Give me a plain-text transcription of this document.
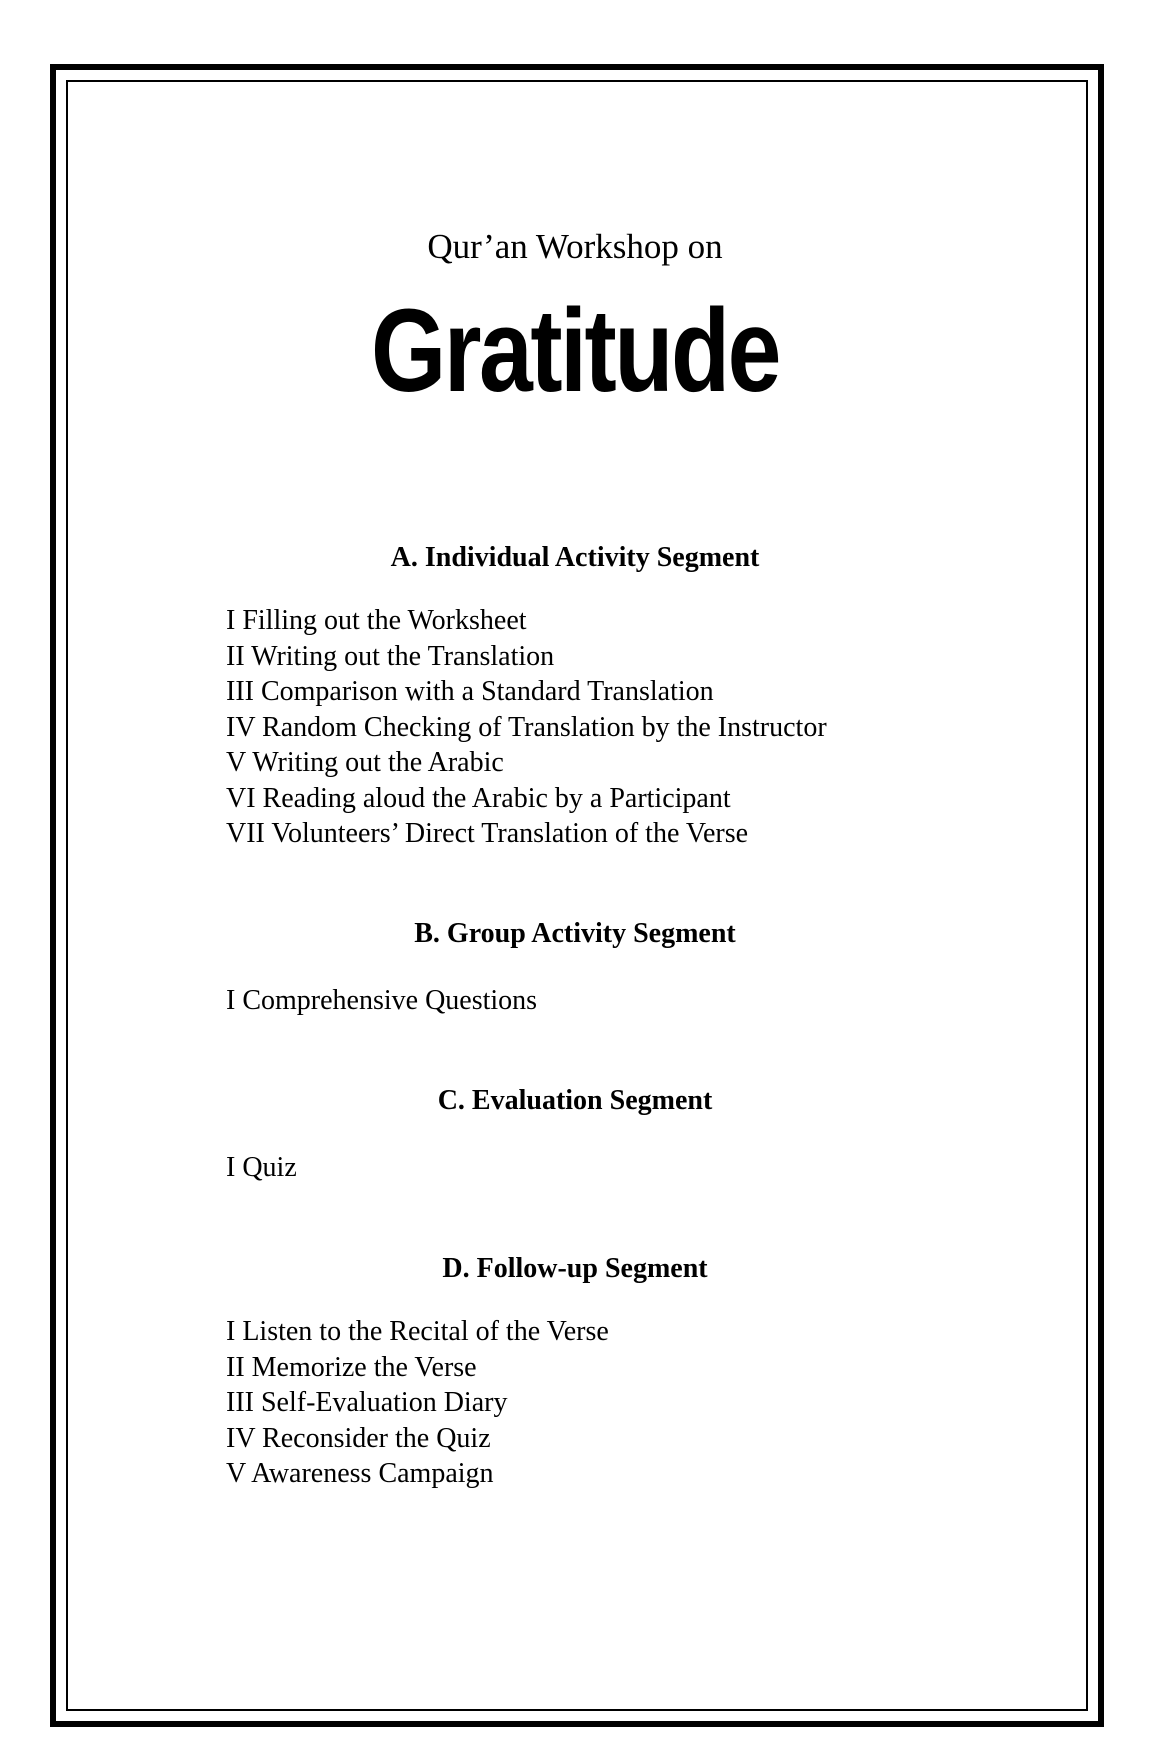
Qur’an Workshop on
Gratitude
A. Individual Activity Segment
I Filling out the Worksheet
II Writing out the Translation
III Comparison with a Standard Translation
IV Random Checking of Translation by the Instructor
V Writing out the Arabic
VI Reading aloud the Arabic by a Participant
VII Volunteers’ Direct Translation of the Verse
B. Group Activity Segment
I Comprehensive Questions
C. Evaluation Segment
I Quiz
D. Follow-up Segment
I Listen to the Recital of the Verse
II Memorize the Verse
III Self-Evaluation Diary
IV Reconsider the Quiz
V Awareness Campaign
